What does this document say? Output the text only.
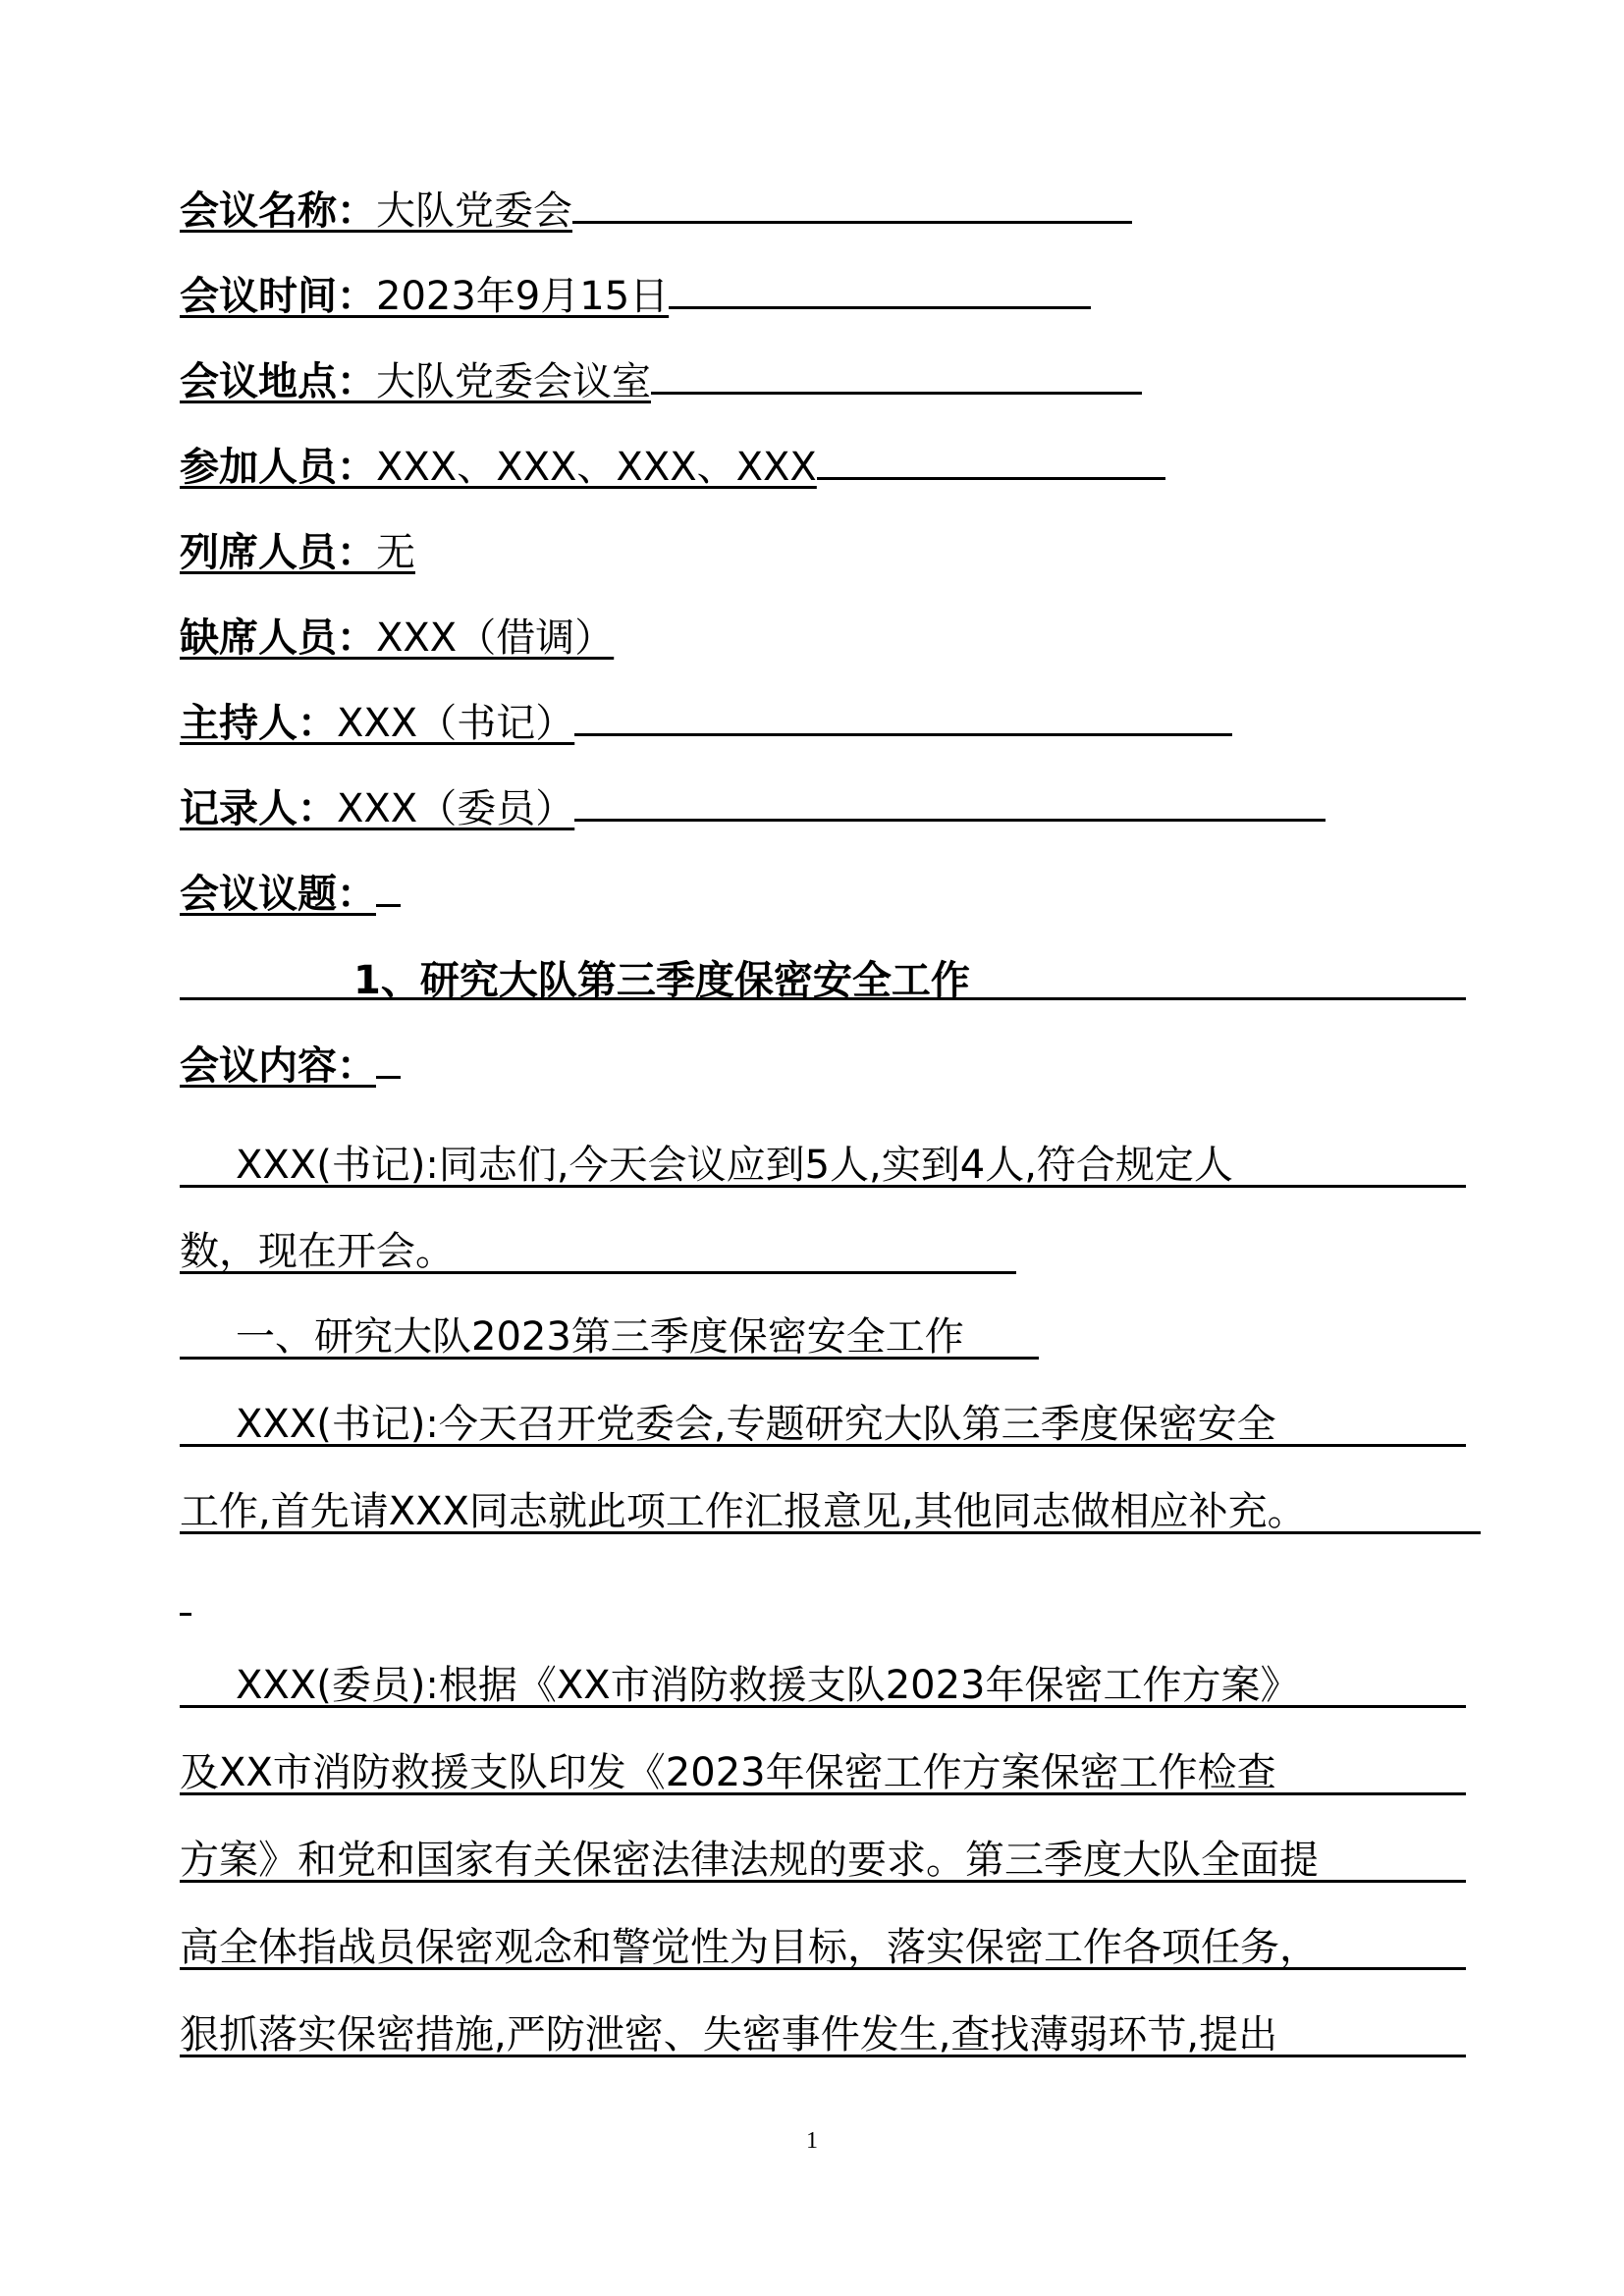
会议名称：大队党委会
会议时间：2023年9月15日
会议地点：大队党委会议室
参加人员：XXX、XXX、XXX、XXX
列席人员：无
缺席人员：XXX（借调）
主持人：XXX（书记）
记录人：XXX（委员）
会议议题：
1、研究大队第三季度保密安全工作
会议内容：
XXX(书记):同志们,今天会议应到5人,实到4人,符合规定人
数，现在开会。
一、研究大队2023第三季度保密安全工作
XXX(书记):今天召开党委会,专题研究大队第三季度保密安全
工作,首先请XXX同志就此项工作汇报意见,其他同志做相应补充。
XXX(委员):根据《XX市消防救援支队2023年保密工作方案》
及XX市消防救援支队印发《2023年保密工作方案保密工作检查
方案》和党和国家有关保密法律法规的要求。第三季度大队全面提
高全体指战员保密观念和警觉性为目标，落实保密工作各项任务，
狠抓落实保密措施,严防泄密、失密事件发生,查找薄弱环节,提出
1
